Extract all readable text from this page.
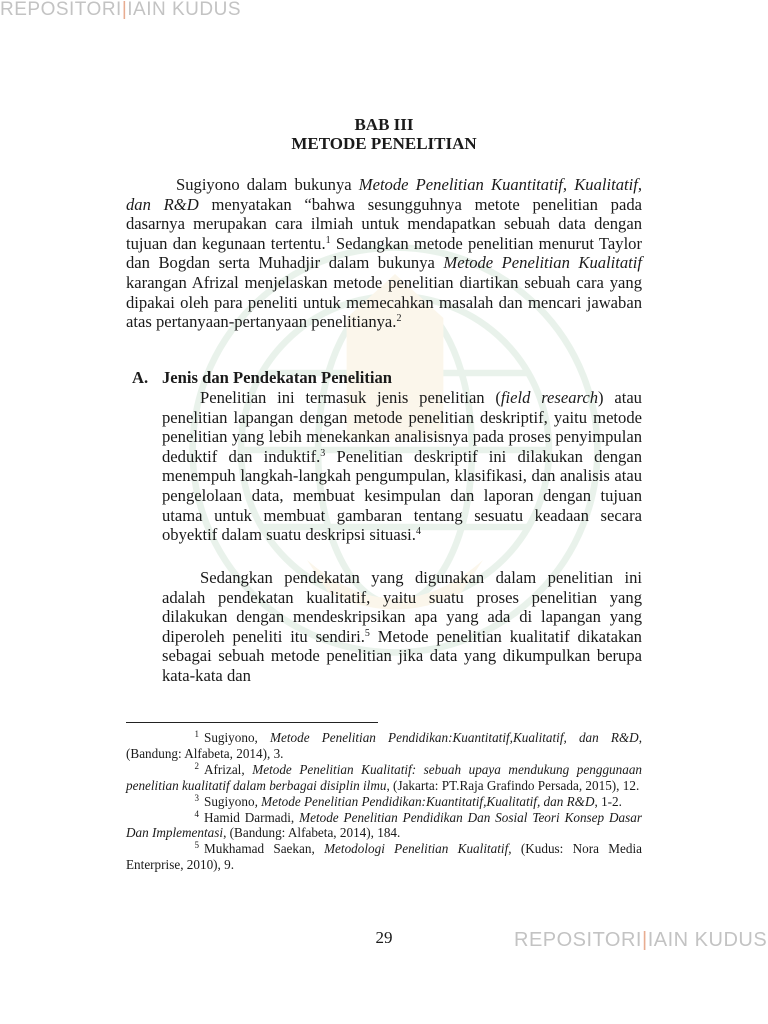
REPOSITORI|IAIN KUDUS
BAB III
METODE PENELITIAN
Sugiyono dalam bukunya Metode Penelitian Kuantitatif, Kualitatif, dan R&D menyatakan “bahwa sesungguhnya metote penelitian pada dasarnya merupakan cara ilmiah untuk mendapatkan sebuah data dengan tujuan dan kegunaan tertentu.$^1$ Sedangkan metode penelitian menurut Taylor dan Bogdan serta Muhadjir dalam bukunya Metode Penelitian Kualitatif karangan Afrizal menjelaskan metode penelitian diartikan sebuah cara yang dipakai oleh para peneliti untuk memecahkan masalah dan mencari jawaban atas pertanyaan-pertanyaan penelitianya.$^2$
A. Jenis dan Pendekatan Penelitian
Penelitian ini termasuk jenis penelitian (field research) atau penelitian lapangan dengan metode penelitian deskriptif, yaitu metode penelitian yang lebih menekankan analisisnya pada proses penyimpulan deduktif dan induktif.$^3$ Penelitian deskriptif ini dilakukan dengan menempuh langkah-langkah pengumpulan, klasifikasi, dan analisis atau pengelolaan data, membuat kesimpulan dan laporan dengan tujuan utama untuk membuat gambaran tentang sesuatu keadaan secara obyektif dalam suatu deskripsi situasi.$^4$
Sedangkan pendekatan yang digunakan dalam penelitian ini adalah pendekatan kualitatif, yaitu suatu proses penelitian yang dilakukan dengan mendeskripsikan apa yang ada di lapangan yang diperoleh peneliti itu sendiri.$^5$ Metode penelitian kualitatif dikatakan sebagai sebuah metode penelitian jika data yang dikumpulkan berupa kata-kata dan

1 Sugiyono, Metode Penelitian Pendidikan:Kuantitatif,Kualitatif, dan R&D, (Bandung: Alfabeta, 2014), 3.

2 Afrizal, Metode Penelitian Kualitatif: sebuah upaya mendukung penggunaan penelitian kualitatif dalam berbagai disiplin ilmu, (Jakarta: PT.Raja Grafindo Persada, 2015), 12.

3 Sugiyono, Metode Penelitian Pendidikan:Kuantitatif,Kualitatif, dan R&D, 1-2.

4 Hamid Darmadi, Metode Penelitian Pendidikan Dan Sosial Teori Konsep Dasar Dan Implementasi, (Bandung: Alfabeta, 2014), 184.

5 Mukhamad Saekan, Metodologi Penelitian Kualitatif, (Kudus: Nora Media Enterprise, 2010), 9.

29	REPOSITORI|IAIN KUDUS
